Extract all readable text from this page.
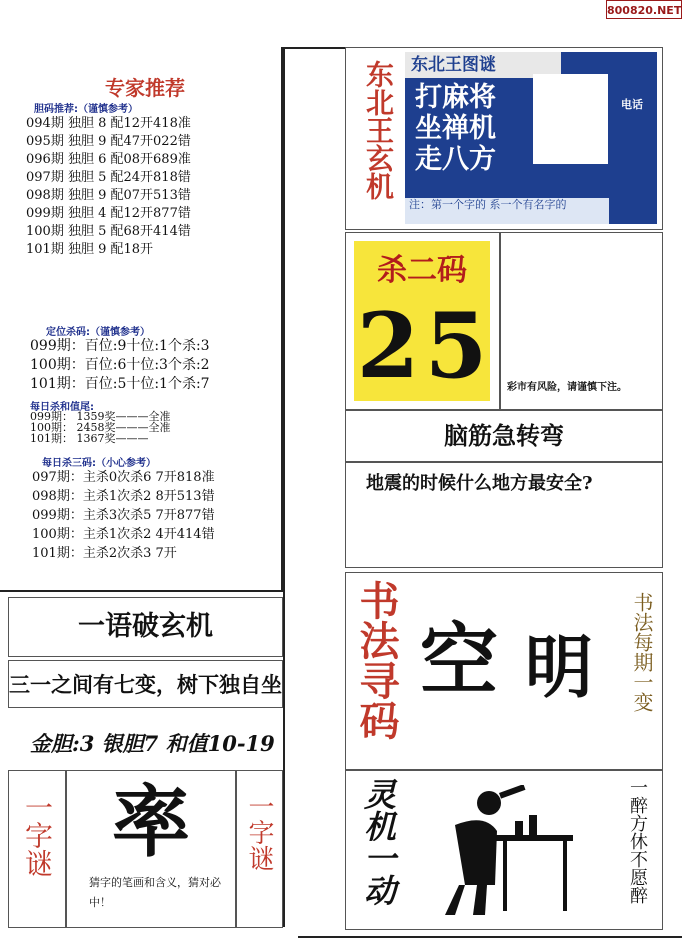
800820.NET
专家推荐
胆码推荐:（谨慎参考）
094期 独胆 8 配12开418准
095期 独胆 9 配47开022错
096期 独胆 6 配08开689准
097期 独胆 5 配24开818错
098期 独胆 9 配07开513错
099期 独胆 4 配12开877错
100期 独胆 5 配68开414错
101期 独胆 9 配18开
定位杀码:（谨慎参考）
099期：百位:9十位:1个杀:3
100期：百位:6十位:3个杀:2
101期：百位:5十位:1个杀:7
每日杀和值尾:
099期： 1359奖———全准
100期： 2458奖———全准
101期： 1367奖———
每日杀三码:（小心参考）
097期：主杀0次杀6 7开818准
098期：主杀1次杀2 8开513错
099期：主杀3次杀5 7开877错
100期：主杀1次杀2 4开414错
101期：主杀2次杀3 7开
一语破玄机
三一之间有七变，树下独自坐
金胆:3 银胆7 和值10-19
一字谜 率
猜字的笔画和含义，猜对必中！
一字谜
东北王玄机 东北王图谜
打麻将
坐禅机
走八方
电话
注：第一个字的 系一个有名字的
杀二码
2 5 彩市有风险，请谨慎下注。
脑筋急转弯
地震的时候什么地方最安全?
书法寻码 空 明 书法每期一变
灵机一动	一醉方休不愿醉
